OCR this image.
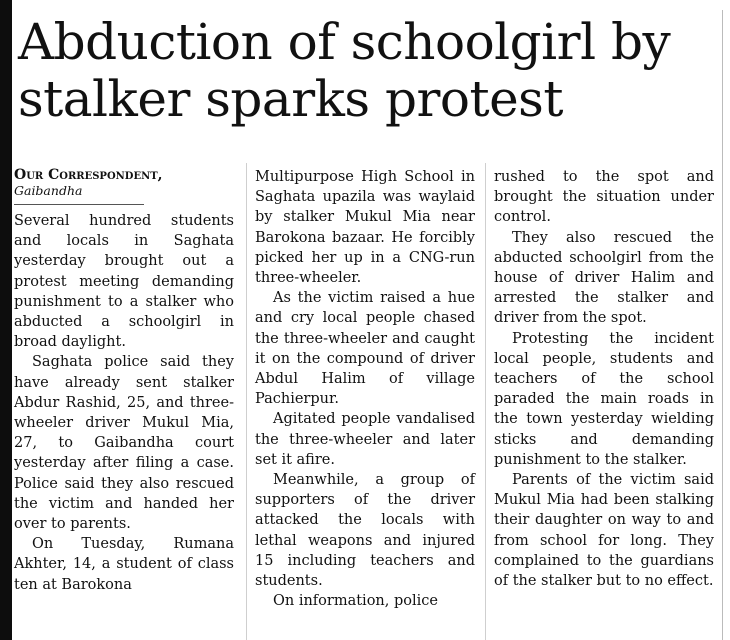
Abduction of schoolgirl by stalker sparks protest
Our Correspondent,
Gaibandha

Several hundred students and locals in Saghata yesterday brought out a protest meeting demanding punishment to a stalker who abducted a schoolgirl in broad daylight.

Saghata police said they have already sent stalker Abdur Rashid, 25, and three-wheeler driver Mukul Mia, 27, to Gaibandha court yesterday after filing a case. Police said they also rescued the victim and handed her over to parents.

On Tuesday, Rumana Akhter, 14, a student of class ten at Barokona

Multipurpose High School in Saghata upazila was waylaid by stalker Mukul Mia near Barokona bazaar. He forcibly picked her up in a CNG-run three-wheeler.

As the victim raised a hue and cry local people chased the three-wheeler and caught it on the compound of driver Abdul Halim of village Pachierpur.

Agitated people vandalised the three-wheeler and later set it afire.

Meanwhile, a group of supporters of the driver attacked the locals with lethal weapons and injured 15 including teachers and students.

On information, police

rushed to the spot and brought the situation under control.

They also rescued the abducted schoolgirl from the house of driver Halim and arrested the stalker and driver from the spot.

Protesting the incident local people, students and teachers of the school paraded the main roads in the town yesterday wielding sticks and demanding punishment to the stalker.

Parents of the victim said Mukul Mia had been stalking their daughter on way to and from school for long. They complained to the guardians of the stalker but to no effect.
